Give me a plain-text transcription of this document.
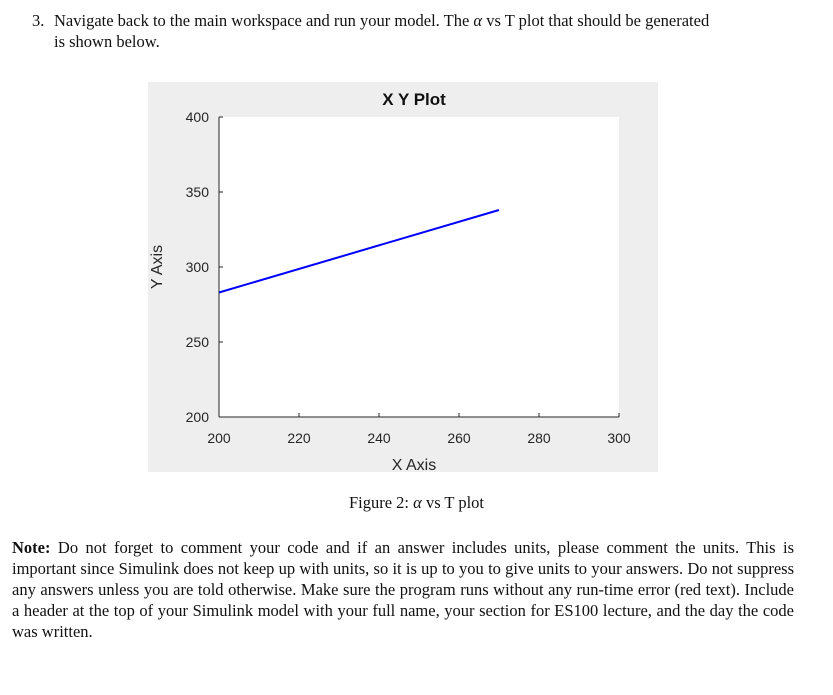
3. Navigate back to the main workspace and run your model. The α vs T plot that should be generated
is shown below.
X Y Plot
200	220	240	260	280	300
200
250
300
350
400
X Axis
Y Axis
Figure 2: α vs T plot
Note: Do not forget to comment your code and if an answer includes units, please comment the units. This is important since Simulink does not keep up with units, so it is up to you to give units to your answers. Do not suppress any answers unless you are told otherwise. Make sure the program runs without any run-time error (red text). Include a header at the top of your Simulink model with your full name, your section for ES100 lecture, and the day the code was written.
